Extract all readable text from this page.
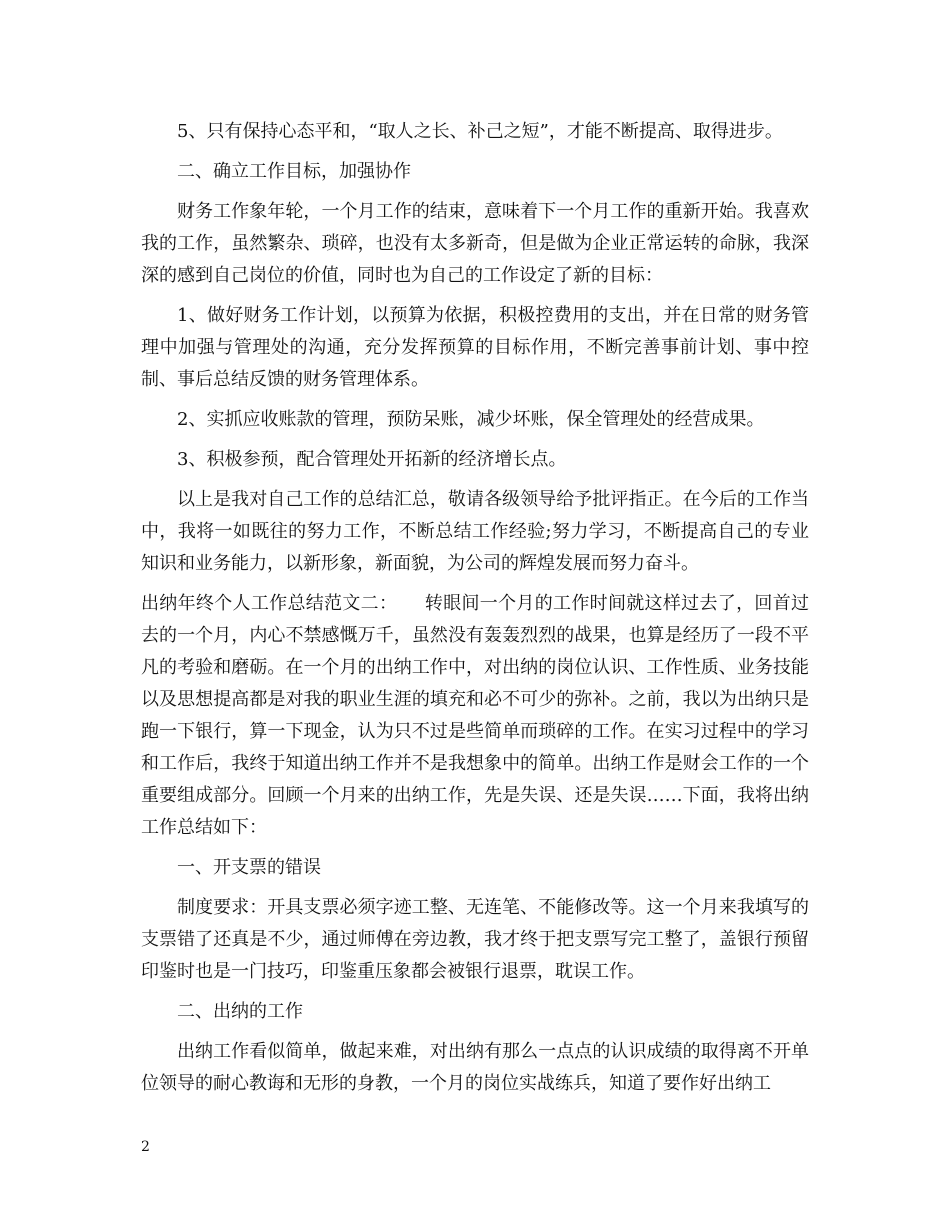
5、只有保持心态平和，“取人之长、补己之短”，才能不断提高、取得进步。

二、确立工作目标，加强协作

财务工作象年轮，一个月工作的结束，意味着下一个月工作的重新开始。我喜欢我的工作，虽然繁杂、琐碎，也没有太多新奇，但是做为企业正常运转的命脉，我深深的感到自己岗位的价值，同时也为自己的工作设定了新的目标：

1、做好财务工作计划，以预算为依据，积极控费用的支出，并在日常的财务管理中加强与管理处的沟通，充分发挥预算的目标作用，不断完善事前计划、事中控制、事后总结反馈的财务管理体系。

2、实抓应收账款的管理，预防呆账，减少坏账，保全管理处的经营成果。

3、积极参预，配合管理处开拓新的经济增长点。

以上是我对自己工作的总结汇总，敬请各级领导给予批评指正。在今后的工作当中，我将一如既往的努力工作，不断总结工作经验;努力学习，不断提高自己的专业知识和业务能力，以新形象，新面貌，为公司的辉煌发展而努力奋斗。

出纳年终个人工作总结范文二：　　转眼间一个月的工作时间就这样过去了，回首过去的一个月，内心不禁感慨万千，虽然没有轰轰烈烈的战果，也算是经历了一段不平凡的考验和磨砺。在一个月的出纳工作中，对出纳的岗位认识、工作性质、业务技能以及思想提高都是对我的职业生涯的填充和必不可少的弥补。之前，我以为出纳只是跑一下银行，算一下现金，认为只不过是些简单而琐碎的工作。在实习过程中的学习和工作后，我终于知道出纳工作并不是我想象中的简单。出纳工作是财会工作的一个重要组成部分。回顾一个月来的出纳工作，先是失误、还是失误……下面，我将出纳工作总结如下：

一、开支票的错误

制度要求：开具支票必须字迹工整、无连笔、不能修改等。这一个月来我填写的支票错了还真是不少，通过师傅在旁边教，我才终于把支票写完工整了，盖银行预留印鉴时也是一门技巧，印鉴重压象都会被银行退票，耽误工作。

二、出纳的工作

出纳工作看似简单，做起来难，对出纳有那么一点点的认识成绩的取得离不开单位领导的耐心教诲和无形的身教，一个月的岗位实战练兵，知道了要作好出纳工

2
